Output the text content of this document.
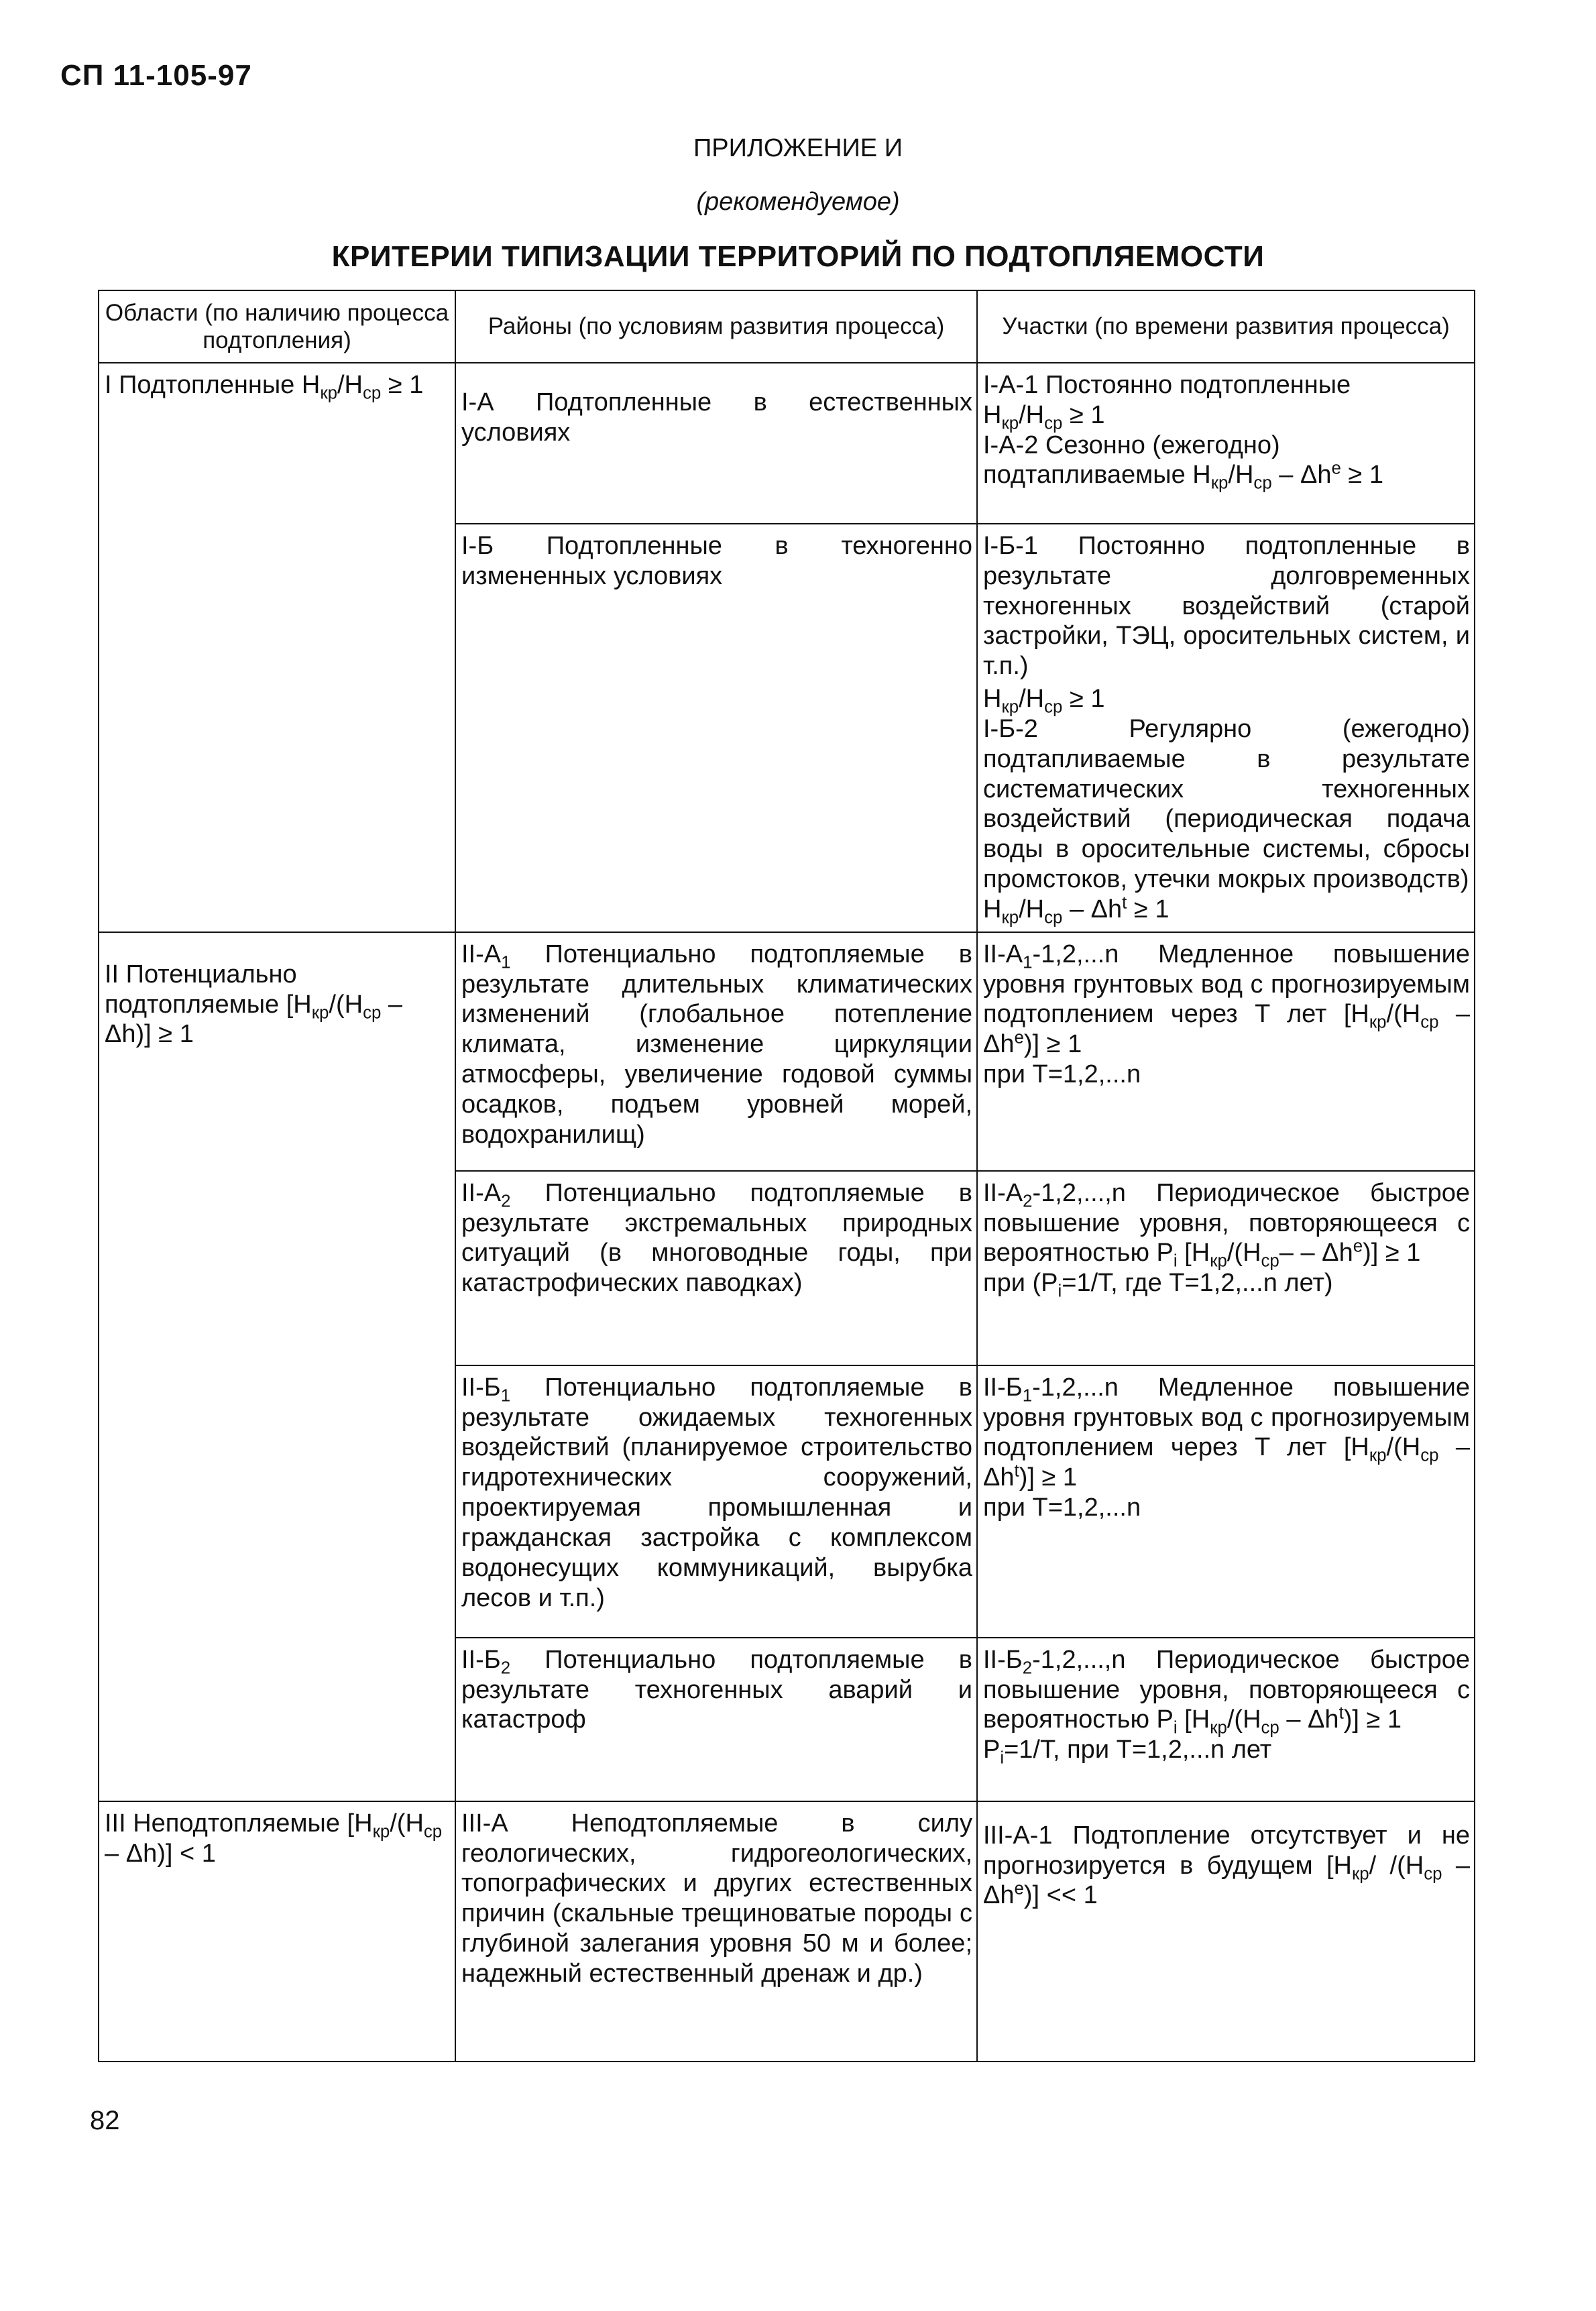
СП 11-105-97
ПРИЛОЖЕНИЕ И
(рекомендуемое)
КРИТЕРИИ ТИПИЗАЦИИ ТЕРРИТОРИЙ ПО ПОДТОПЛЯЕМОСТИ
Области (по наличию процесса подтопления)	Районы (по условиям развития процесса)	Участки (по времени развития процесса)
I Подтопленные $H_{кр}/H_{ср} \ge 1$	I-А Подтопленные в естественных условиях	I-А-1 Постоянно подтопленные

$H_{кр}/H_{ср} \ge 1$

I-А-2 Сезонно (ежегодно) подтапливаемые $H_{кр}/H_{ср} - \Delta h^е \ge 1$

	I-Б Подтопленные в техногенно измененных условиях	I-Б-1 Постоянно подтопленные в результате долговременных техногенных воздействий (старой застройки, ТЭЦ, оросительных систем, и т.п.)

$H_{кр}/H_{ср} \ge 1$

I-Б-2 Регулярно (ежегодно) подтапливаемые в результате систематических техногенных воздействий (периодическая подача воды в оросительные системы, сбросы промстоков, утечки мокрых производств)

$H_{кр}/H_{ср} - \Delta h^t \ge 1$

II Потенциально подтопляемые $[H_{кр}/(H_{ср} - \Delta h)] \ge 1$	$II-А_1$ Потенциально подтопляемые в результате длительных климатических изменений (глобальное потепление климата, изменение циркуляции атмосферы, увеличение годовой суммы осадков, подъем уровней морей, водохранилищ)	$II-А_1-1,2,...n$ Медленное повышение уровня грунтовых вод с прогнозируемым подтоплением через T лет $[H_{кр}/(H_{ср} - \Delta h^е)] \ge 1$

при T=1,2,...n

	$II-А_2$ Потенциально подтопляемые в результате экстремальных природных ситуаций (в многоводные годы, при катастрофических паводках)	$II-А_2-1,2,...,n$ Периодическое быстрое повышение уровня, повторяющееся с вероятностью $P_i$ $[H_{кр}/(H_{ср}- - \Delta h^е)] \ge 1$

при ($P_i=1/T$, где T=1,2,...n лет)

	$II-Б_1$ Потенциально подтопляемые в результате ожидаемых техногенных воздействий (планируемое строительство гидротехнических сооружений, проектируемая промышленная и гражданская застройка с комплексом водонесущих коммуникаций, вырубка лесов и т.п.)	$II-Б_1-1,2,...n$ Медленное повышение уровня грунтовых вод с прогнозируемым подтоплением через T лет $[H_{кр}/(H_{ср} - \Delta h^t)] \ge 1$

при T=1,2,...n

	$II-Б_2$ Потенциально подтопляемые в результате техногенных аварий и катастроф	$II-Б_2-1,2,...,n$ Периодическое быстрое повышение уровня, повторяющееся с вероятностью $P_i$ $[H_{кр}/(H_{ср} - \Delta h^t)] \ge 1$

$P_i=1/T$, при T=1,2,...n лет

III Неподтопляемые $[H_{кр}/(H_{ср} - \Delta h)] < 1$	III-А Неподтопляемые в силу геологических, гидрогеологических, топографических и других естественных причин (скальные трещиноватые породы с глубиной залегания уровня 50 м и более; надежный естественный дренаж и др.)	III-А-1 Подтопление отсутствует и не прогнозируется в будущем [$H_{кр}/$ $/(H_{ср} - \Delta h^е)] << 1$

82
